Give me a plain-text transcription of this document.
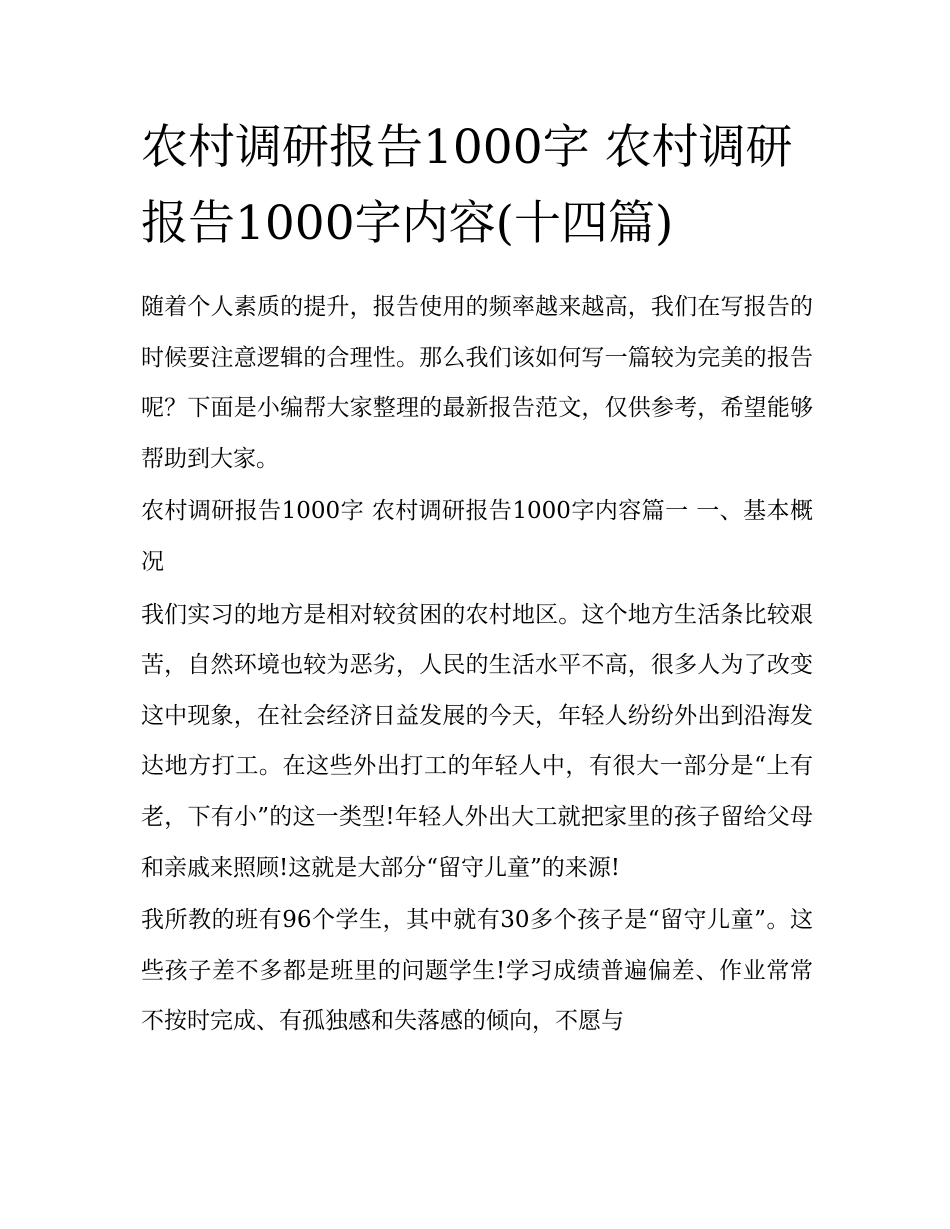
农村调研报告1000字 农村调研报告1000字内容(十四篇)

随着个人素质的提升，报告使用的频率越来越高，我们在写报告的时候要注意逻辑的合理性。那么我们该如何写一篇较为完美的报告呢？下面是小编帮大家整理的最新报告范文，仅供参考，希望能够帮助到大家。

农村调研报告1000字 农村调研报告1000字内容篇一 一、基本概况

我们实习的地方是相对较贫困的农村地区。这个地方生活条比较艰苦，自然环境也较为恶劣，人民的生活水平不高，很多人为了改变这中现象，在社会经济日益发展的今天，年轻人纷纷外出到沿海发达地方打工。在这些外出打工的年轻人中，有很大一部分是“上有老，下有小”的这一类型!年轻人外出大工就把家里的孩子留给父母和亲戚来照顾!这就是大部分“留守儿童”的来源!

我所教的班有96个学生，其中就有30多个孩子是“留守儿童”。这些孩子差不多都是班里的问题学生!学习成绩普遍偏差、作业常常不按时完成、有孤独感和失落感的倾向，不愿与
